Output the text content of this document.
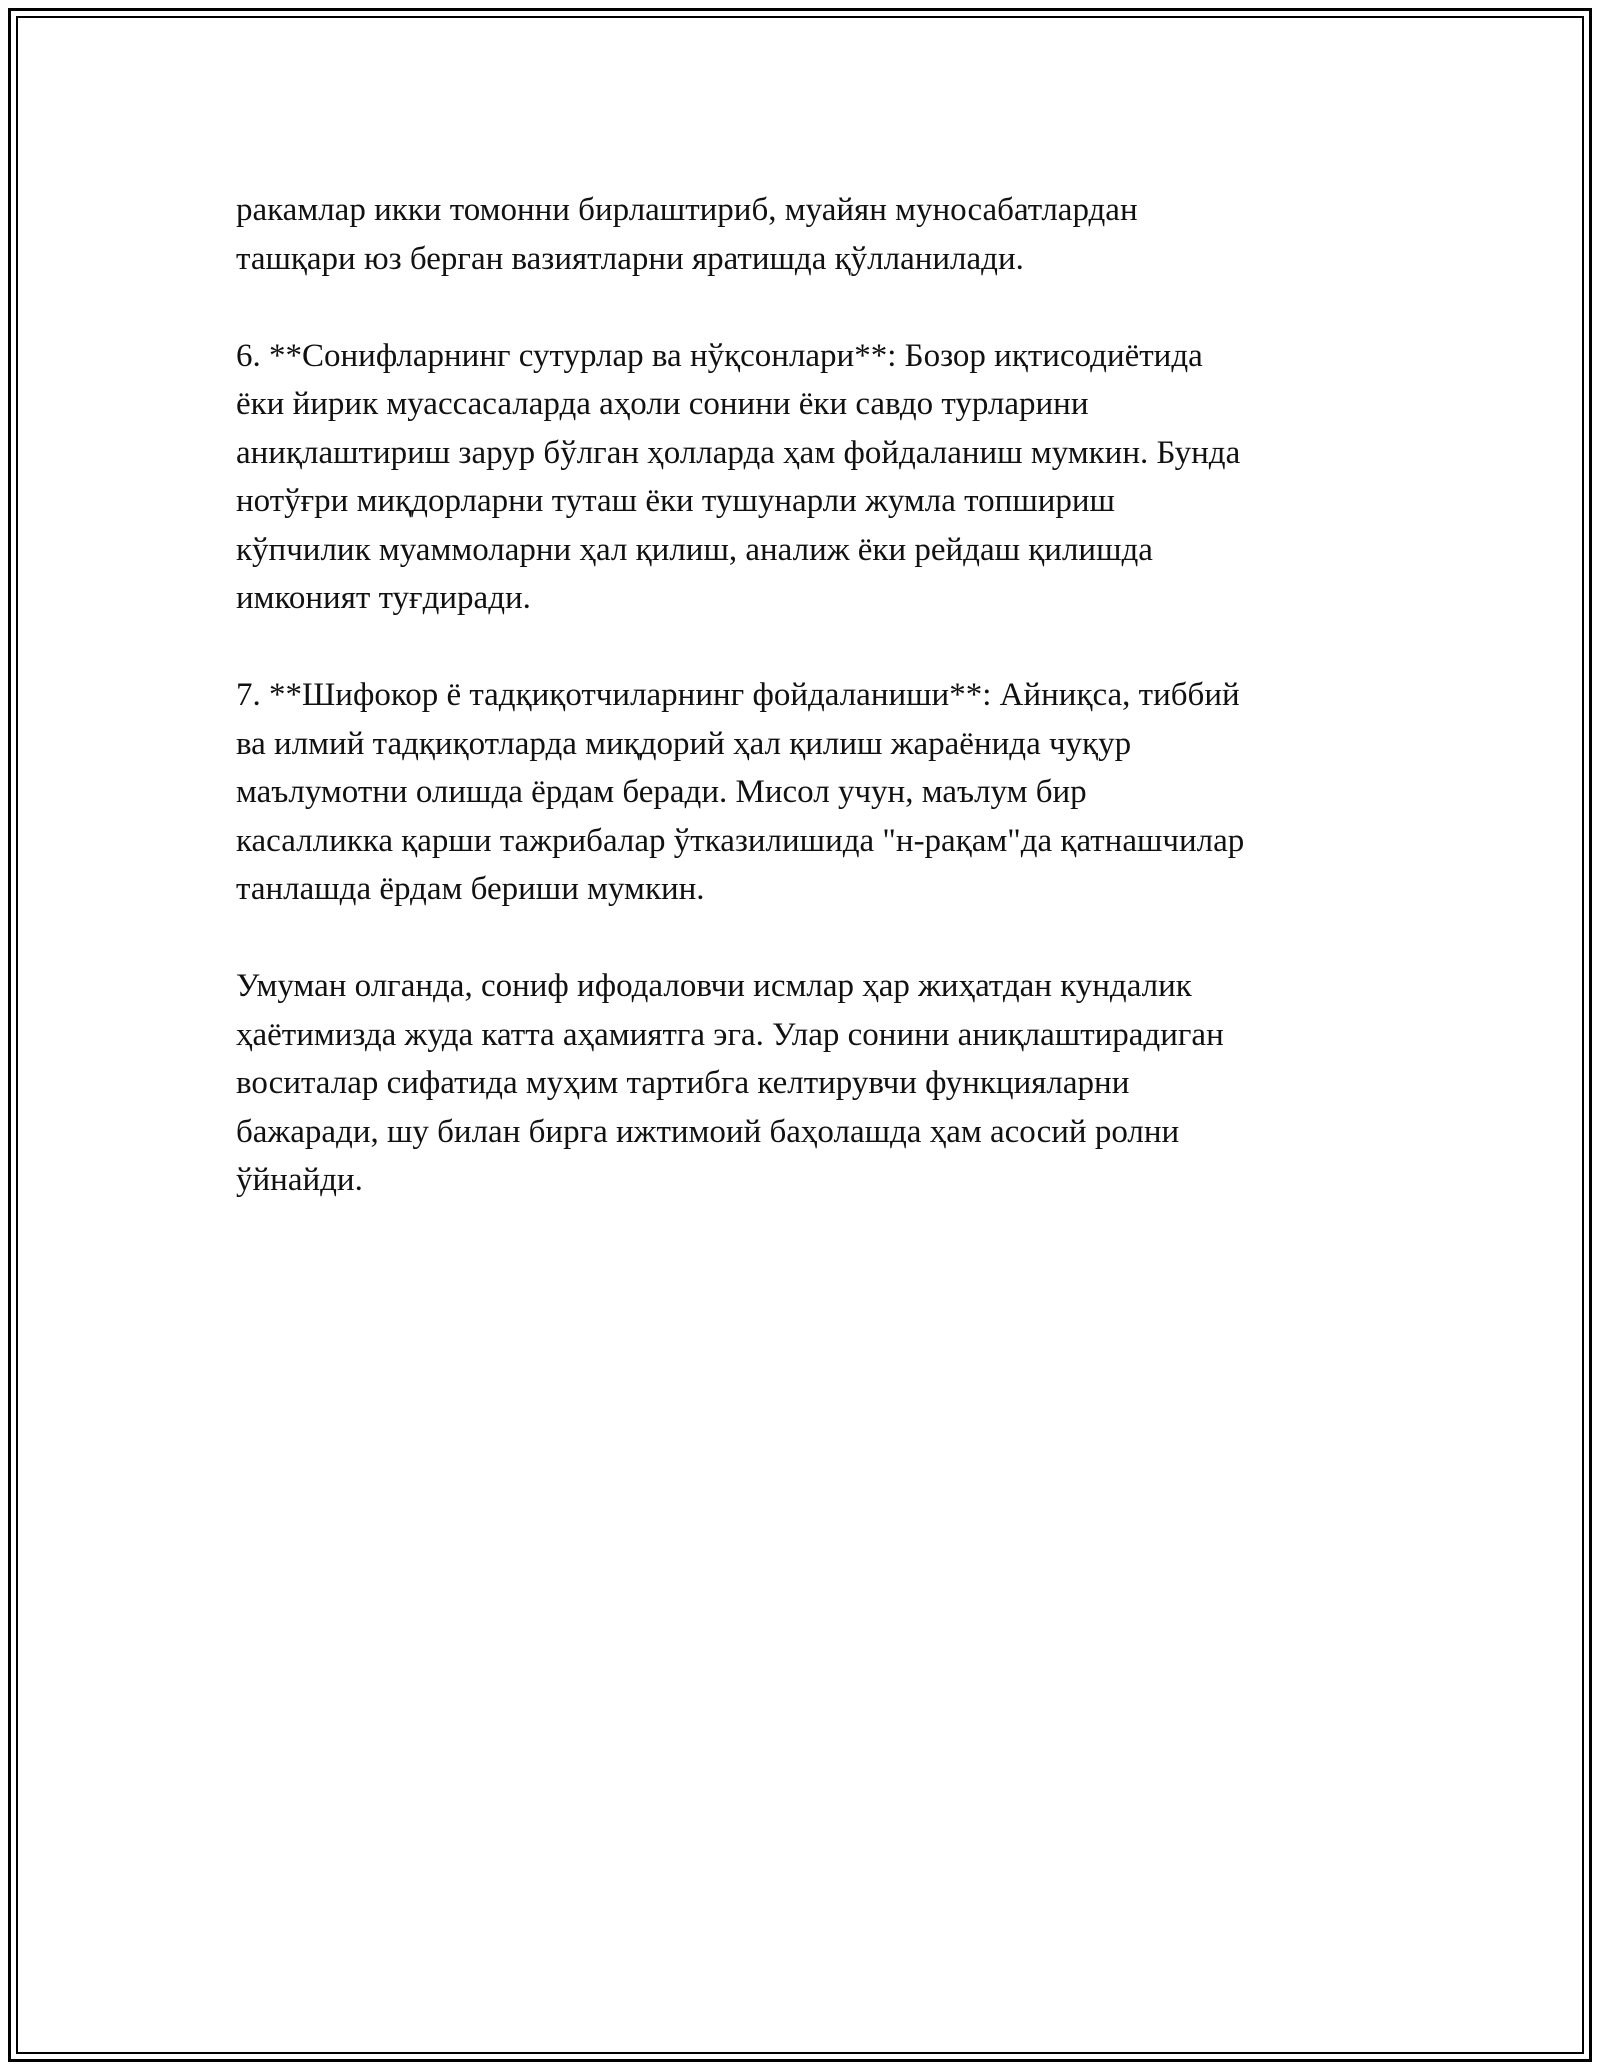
ракамлар икки томонни бирлаштириб, муайян муносабатлардан
ташқари юз берган вазиятларни яратишда қўлланилади.

6. **Сонифларнинг сутурлар ва нўқсонлари**: Бозор иқтисодиётида
ёки йирик муассасаларда аҳоли сонини ёки савдо турларини
аниқлаштириш зарур бўлган ҳолларда ҳам фойдаланиш мумкин. Бунда
нотўғри миқдорларни туташ ёки тушунарли жумла топшириш
кўпчилик муаммоларни ҳал қилиш, аналиж ёки рейдаш қилишда
имконият туғдиради.

7. **Шифокор ё тадқиқотчиларнинг фойдаланиши**: Айниқса, тиббий
ва илмий тадқиқотларда миқдорий ҳал қилиш жараёнида чуқур
маълумотни олишда ёрдам беради. Мисол учун, маълум бир
касалликка қарши тажрибалар ўтказилишида "н-рақам"да қатнашчилар
танлашда ёрдам бериши мумкин.

Умуман олганда, сониф ифодаловчи исмлар ҳар жиҳатдан кундалик
ҳаётимизда жуда катта аҳамиятга эга. Улар сонини аниқлаштирадиган
воситалар сифатида муҳим тартибга келтирувчи функцияларни
бажаради, шу билан бирга ижтимоий баҳолашда ҳам асосий ролни
ўйнайди.
